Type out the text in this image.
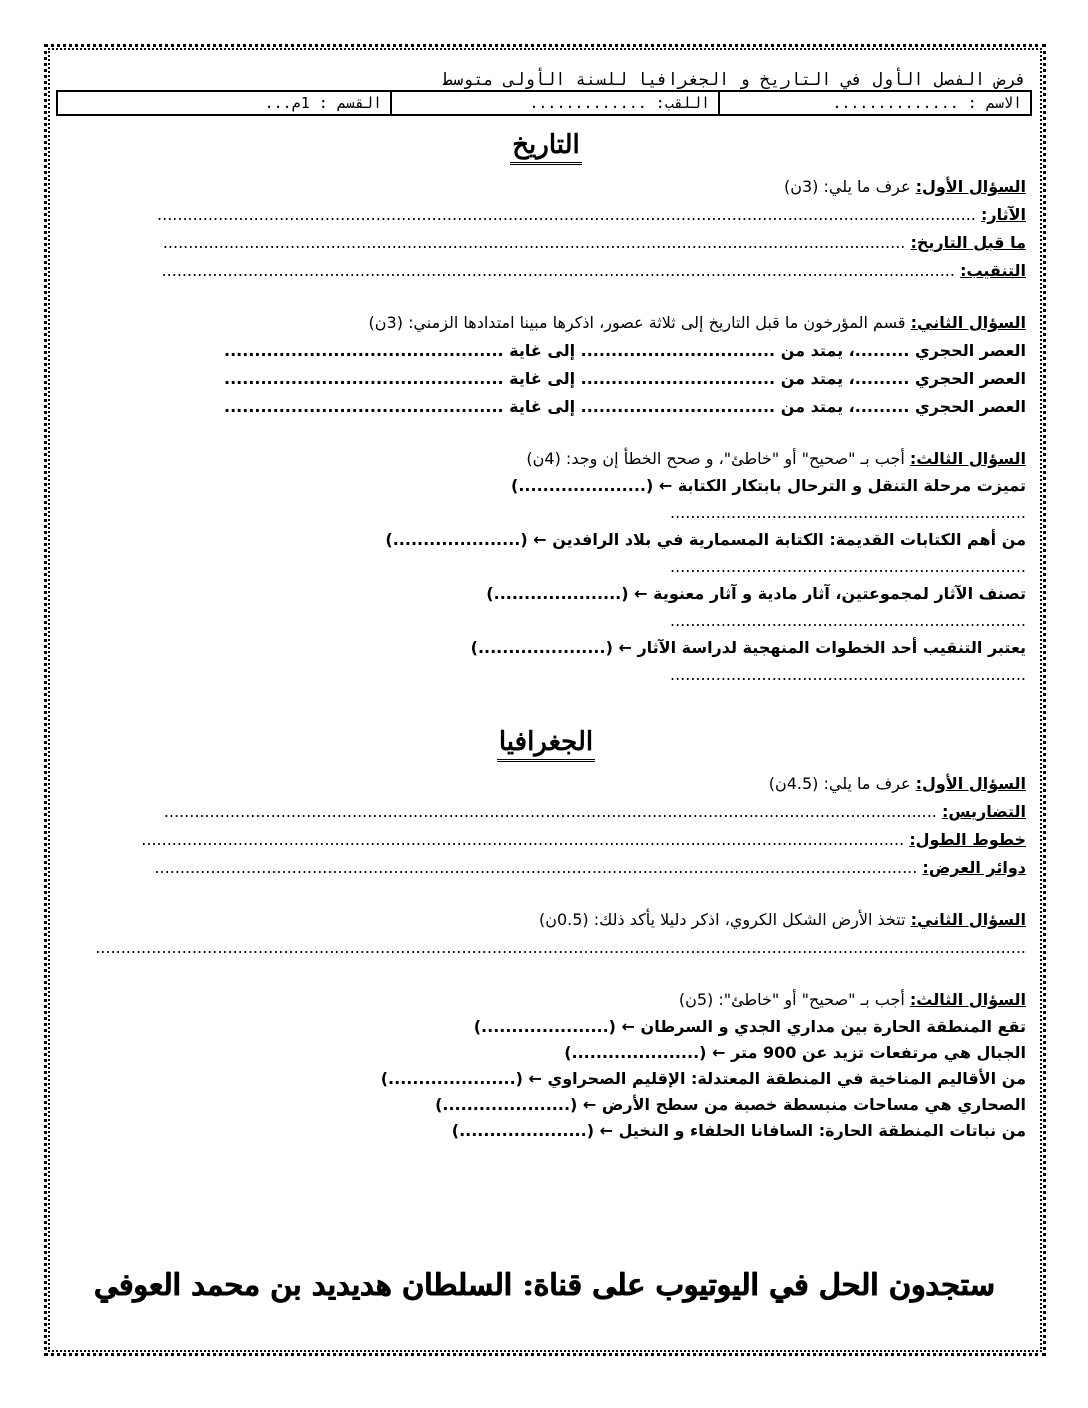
فرض الفصل الأول في التاريخ و الجغرافيا للسنة الأولى متوسط
الاسم : ..............	اللقب: .............	القسم : 1م...
التاريخ
السؤال الأول: عرف ما يلي: (3ن)
الآثار: .................................................................................................................................................................
ما قبل التاريخ: ..................................................................................................................................................
التنقيب: ............................................................................................................................................................
السؤال الثاني: قسم المؤرخون ما قبل التاريخ إلى ثلاثة عصور، اذكرها مبينا امتدادها الزمني: (3ن)
العصر الحجري .........، يمتد من ................................ إلى غاية ..............................................
العصر الحجري .........، يمتد من ................................ إلى غاية ..............................................
العصر الحجري .........، يمتد من ................................ إلى غاية ..............................................
السؤال الثالث: أجب بـ "صحيح" أو "خاطئ"، و صحح الخطأ إن وجد: (4ن)
تميزت مرحلة التنقل و الترحال بابتكار الكتابة ← (.....................)
......................................................................
من أهم الكتابات القديمة: الكتابة المسمارية في بلاد الرافدين ← (.....................)
......................................................................
تصنف الآثار لمجموعتين، آثار مادية و آثار معنوية ← (.....................)
......................................................................
يعتبر التنقيب أحد الخطوات المنهجية لدراسة الآثار ← (.....................)
......................................................................
الجغرافيا
السؤال الأول: عرف ما يلي: (4.5ن)
التضاريس: ........................................................................................................................................................
خطوط الطول: ......................................................................................................................................................
دوائر العرض: ......................................................................................................................................................
السؤال الثاني: تتخذ الأرض الشكل الكروي، اذكر دليلا يأكد ذلك: (0.5ن)
.......................................................................................................................................................................................
السؤال الثالث: أجب بـ "صحيح" أو "خاطئ": (5ن)
تقع المنطقة الحارة بين مداري الجدي و السرطان ← (.....................)
الجبال هي مرتفعات تزيد عن 900 متر ← (.....................)
من الأقاليم المناخية في المنطقة المعتدلة: الإقليم الصحراوي ← (.....................)
الصحاري هي مساحات منبسطة خصبة من سطح الأرض ← (.....................)
من نباتات المنطقة الحارة: السافانا الحلفاء و النخيل ← (.....................)
ستجدون الحل في اليوتيوب على قناة: السلطان هديديد بن محمد العوفي
